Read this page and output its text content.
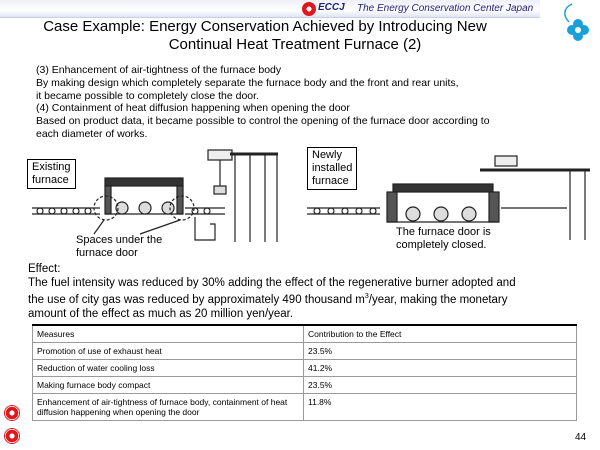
ECCJ The Energy Conservation Center Japan
Case Example: Energy Conservation Achieved by Introducing New
Continual Heat Treatment Furnace (2)
(3) Enhancement of air-tightness of the furnace body
By making design which completely separate the furnace body and the front and rear units,
it became possible to completely close the door.
(4) Containment of heat diffusion happening when opening the door
Based on product data, it became possible to control the opening of the furnace door according to
each diameter of works.
Existing
furnace
Spaces under the
furnace door
Newly
installed
furnace
The furnace door is
completely closed.
Effect:
The fuel intensity was reduced by 30% adding the effect of the regenerative burner adopted and
the use of city gas was reduced by approximately 490 thousand $m^3$/year, making the monetary
amount of the effect as much as 20 million yen/year.
Measures	Contribution to the Effect
Promotion of use of exhaust heat	23.5%
Reduction of water cooling loss	41.2%
Making furnace body compact	23.5%
Enhancement of air-tightness of furnace body, containment of heat diffusion happening when opening the door	11.8%
44
